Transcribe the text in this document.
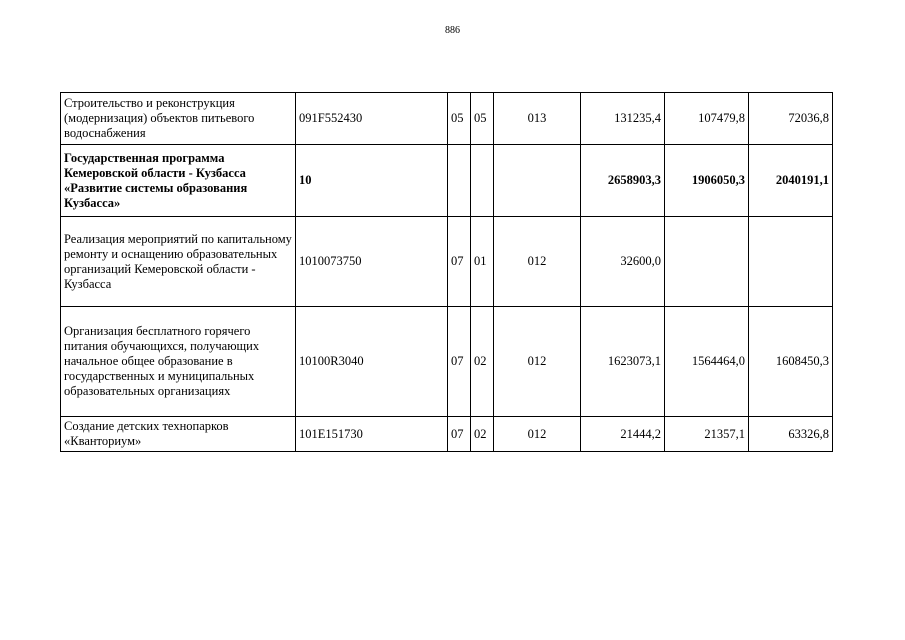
886
Строительство и реконструкция (модернизация) объектов питьевого водоснабжения	091F552430	05	05	013	131235,4	107479,8	72036,8
Государственная программа Кемеровской области - Кузбасса «Развитие системы образования Кузбасса»	10				2658903,3	1906050,3	2040191,1
Реализация мероприятий по капитальному ремонту и оснащению образовательных организаций Кемеровской области - Кузбасса	1010073750	07	01	012	32600,0		
Организация бесплатного горячего питания обучающихся, получающих начальное общее образование в государственных и муниципальных образовательных организациях	10100R3040	07	02	012	1623073,1	1564464,0	1608450,3
Создание детских технопарков «Кванториум»	101E151730	07	02	012	21444,2	21357,1	63326,8
